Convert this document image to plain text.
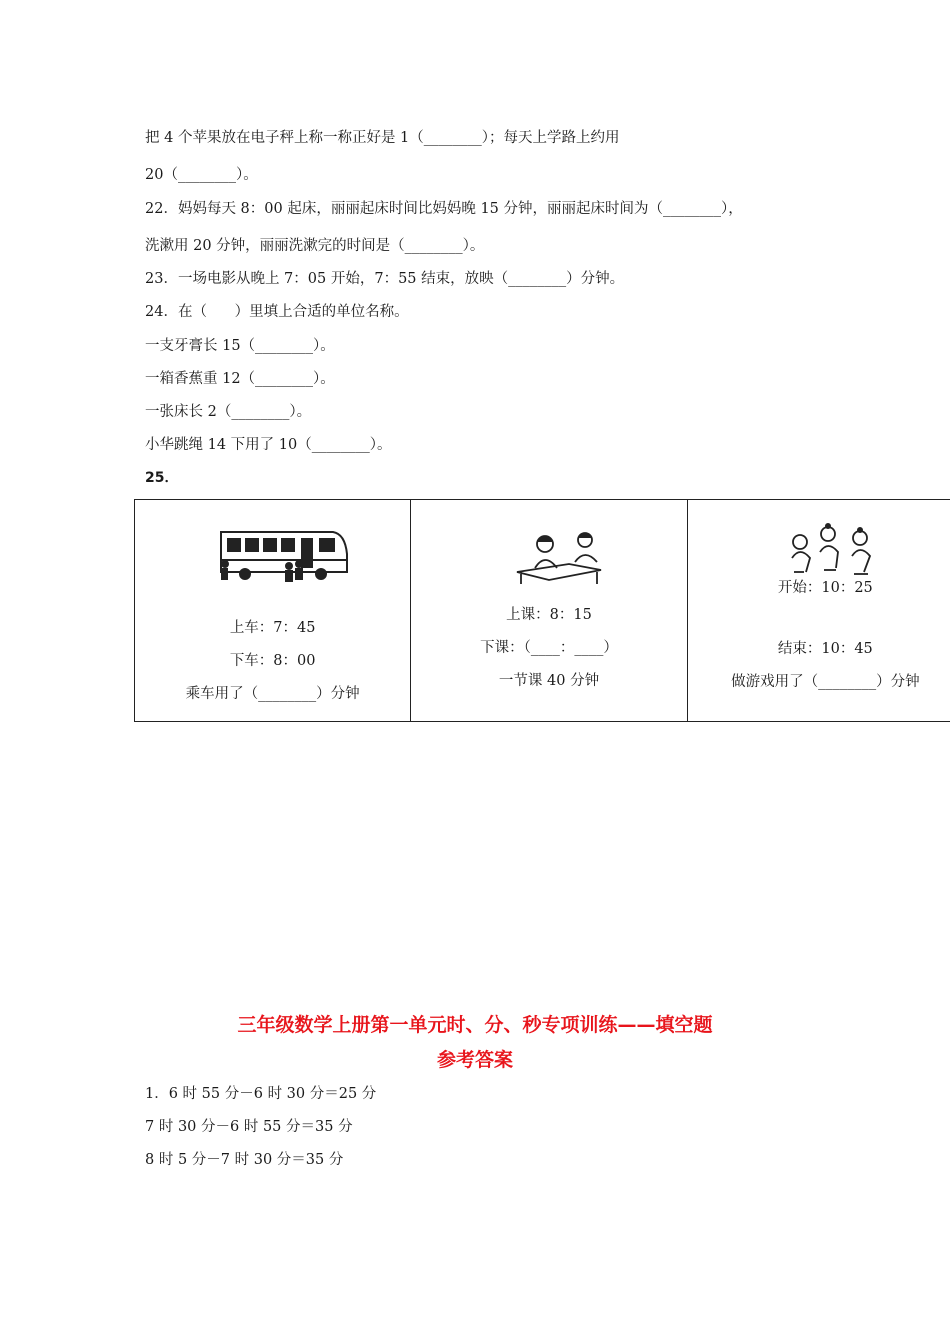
把 4 个苹果放在电子秤上称一称正好是 1（________）；每天上学路上约用
20（________）。
22．妈妈每天 8：00 起床，丽丽起床时间比妈妈晚 15 分钟，丽丽起床时间为（________），
洗漱用 20 分钟，丽丽洗漱完的时间是（________）。
23．一场电影从晚上 7：05 开始，7：55 结束，放映（________）分钟。
24．在（      ）里填上合适的单位名称。
一支牙膏长 15（________）。
一箱香蕉重 12（________）。
一张床长 2（________）。
小华跳绳 14 下用了 10（________）。
25．
上车：7：45
下车：8：00
乘车用了（________）分钟

上课：8：15
下课：（____：____）
一节课 40 分钟

开始：10：25
结束：10：45
做游戏用了（________）分钟
三年级数学上册第一单元时、分、秒专项训练——填空题
参考答案
1．6 时 55 分－6 时 30 分＝25 分
7 时 30 分－6 时 55 分＝35 分
8 时 5 分－7 时 30 分＝35 分
